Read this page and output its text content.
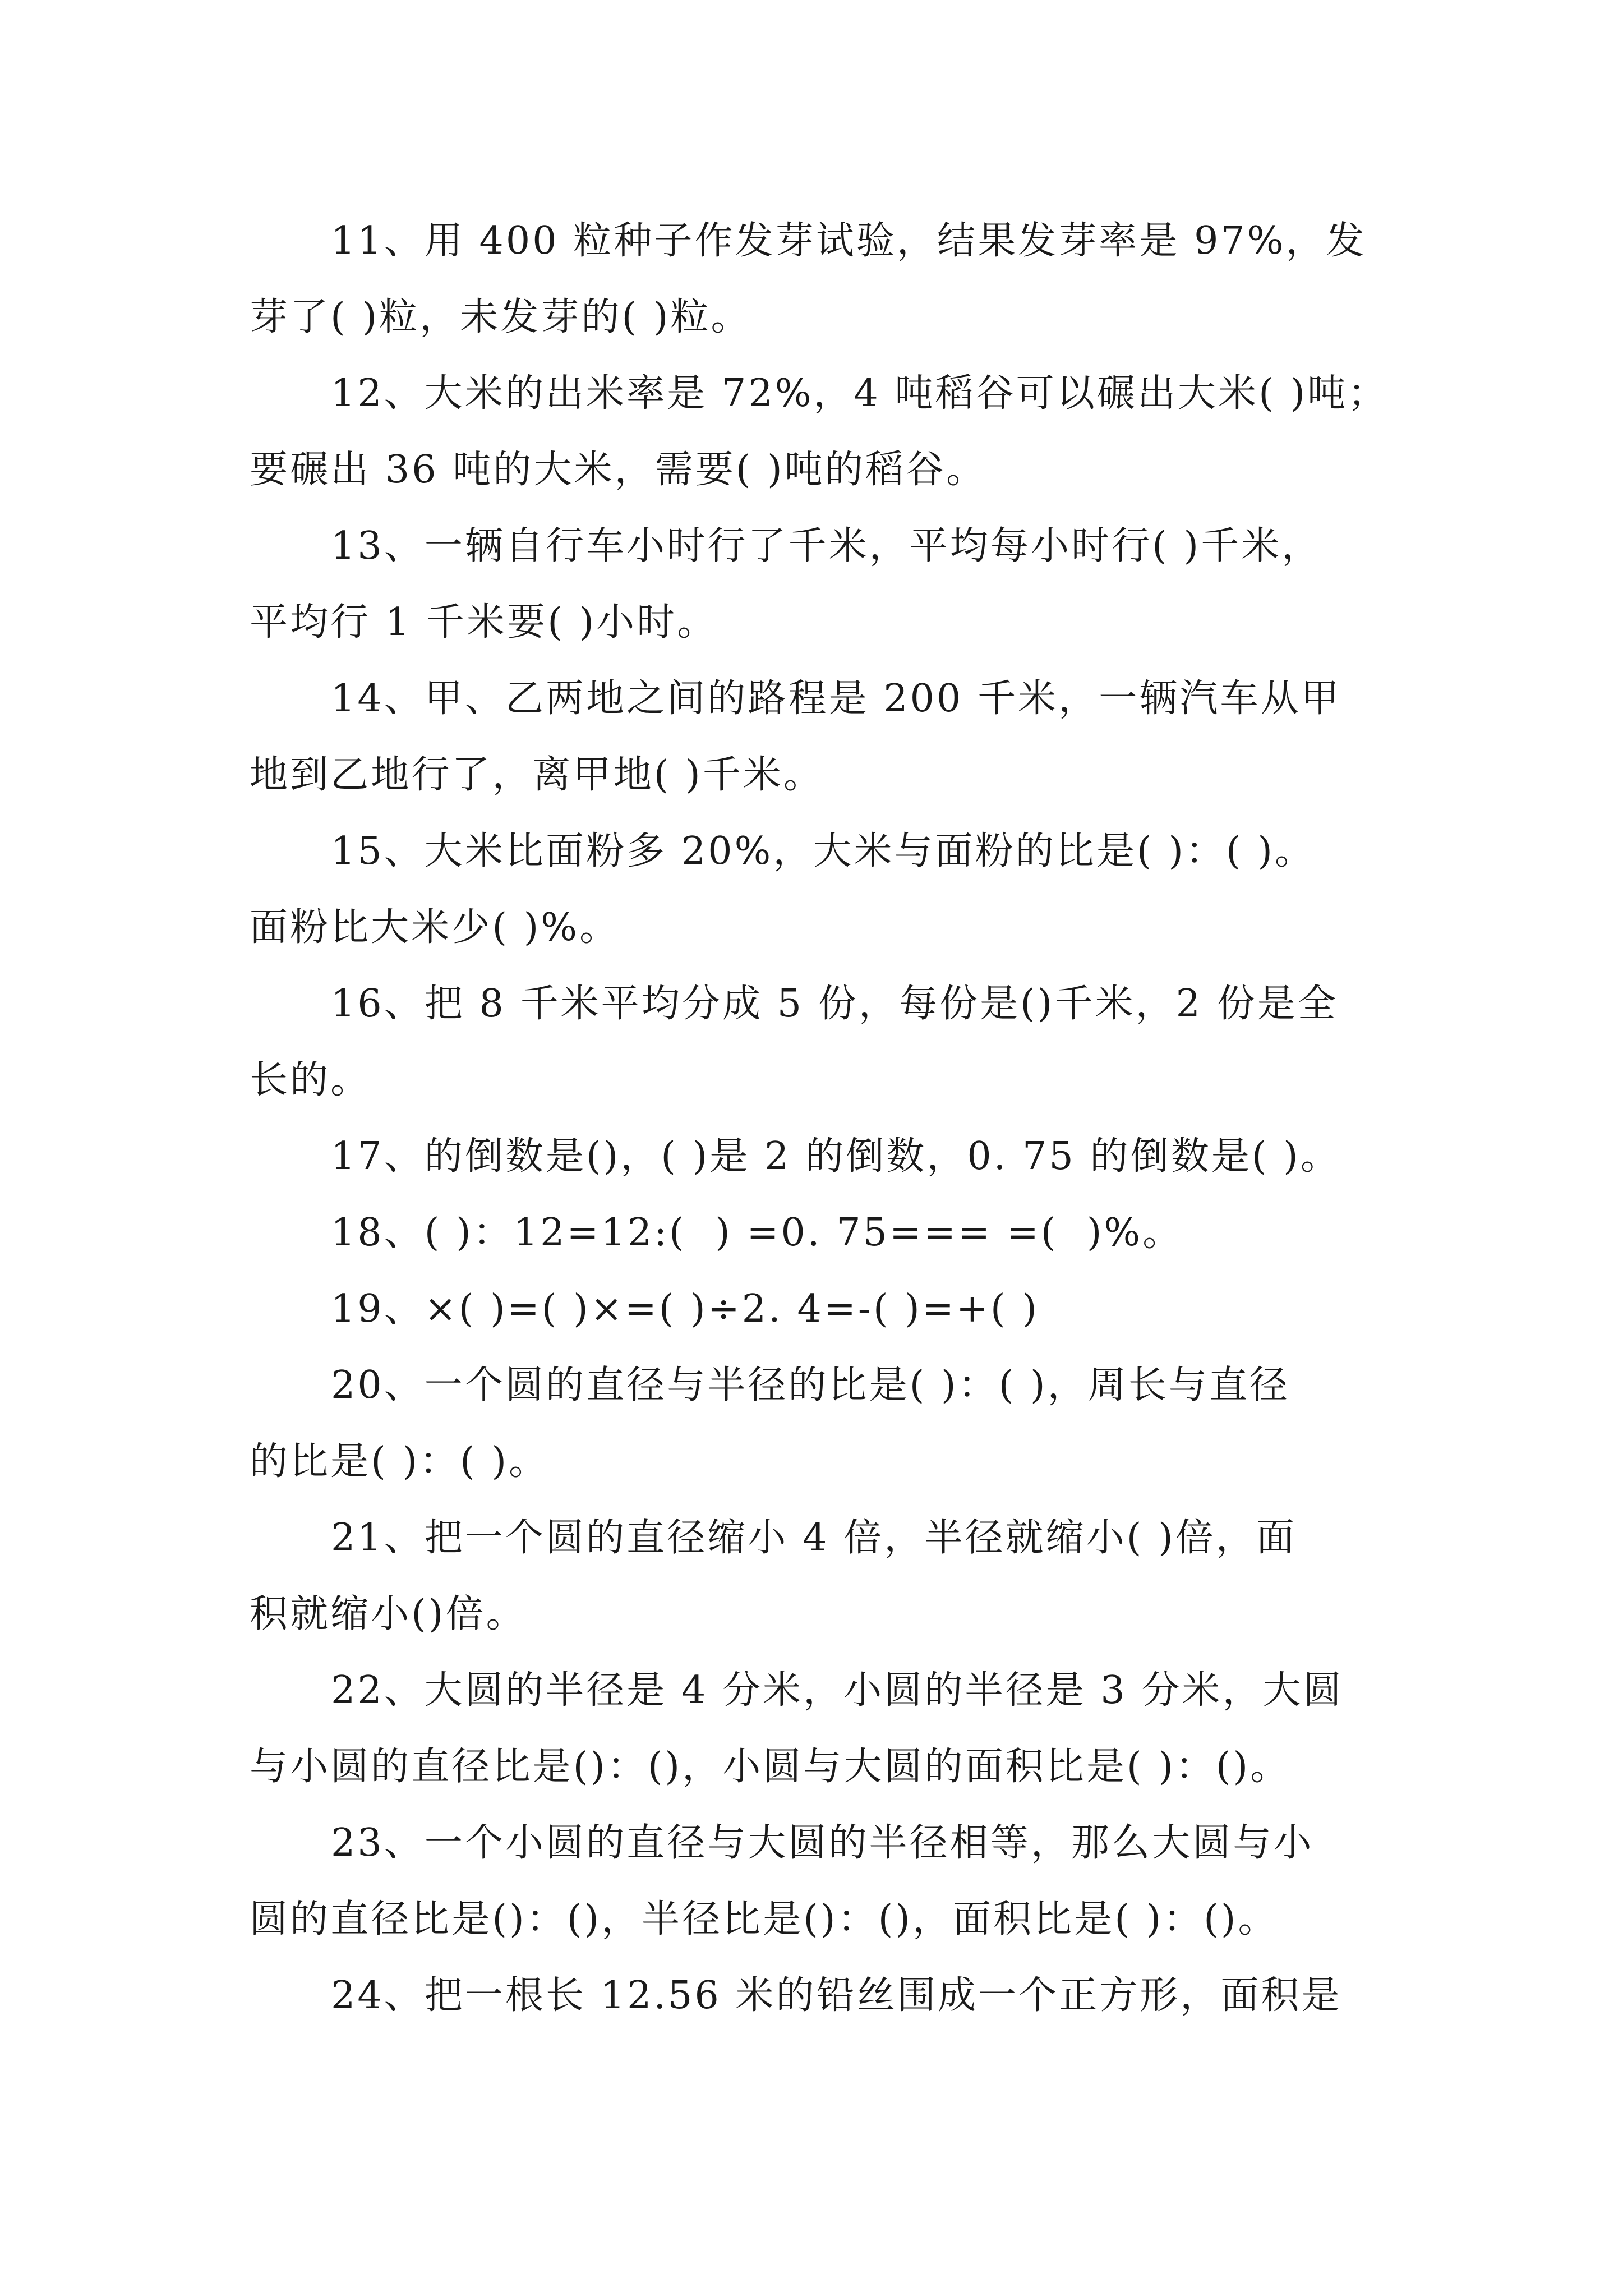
11、用 400 粒种子作发芽试验，结果发芽率是 97%，发

芽了( )粒，未发芽的( )粒。

12、大米的出米率是 72%，4 吨稻谷可以碾出大米( )吨；

要碾出 36 吨的大米，需要( )吨的稻谷。

13、一辆自行车小时行了千米，平均每小时行( )千米，

平均行 1 千米要( )小时。

14、甲、乙两地之间的路程是 200 千米，一辆汽车从甲

地到乙地行了，离甲地( )千米。

15、大米比面粉多 20%，大米与面粉的比是( )：( )。

面粉比大米少( )%。

16、把 8 千米平均分成 5 份，每份是()千米，2 份是全

长的。

17、的倒数是()，( )是 2 的倒数，0. 75 的倒数是( )。

18、( )：12=12:(  ) =0. 75=== =(  )%。

19、×( )=( )×=( )÷2. 4=-( )=+( )

20、一个圆的直径与半径的比是( )：( )，周长与直径

的比是( )：( )。

21、把一个圆的直径缩小 4 倍，半径就缩小( )倍，面

积就缩小()倍。

22、大圆的半径是 4 分米，小圆的半径是 3 分米，大圆

与小圆的直径比是()：()，小圆与大圆的面积比是( )：()。

23、一个小圆的直径与大圆的半径相等，那么大圆与小

圆的直径比是()：()，半径比是()：()，面积比是( )：()。

24、把一根长 12.56 米的铅丝围成一个正方形，面积是
